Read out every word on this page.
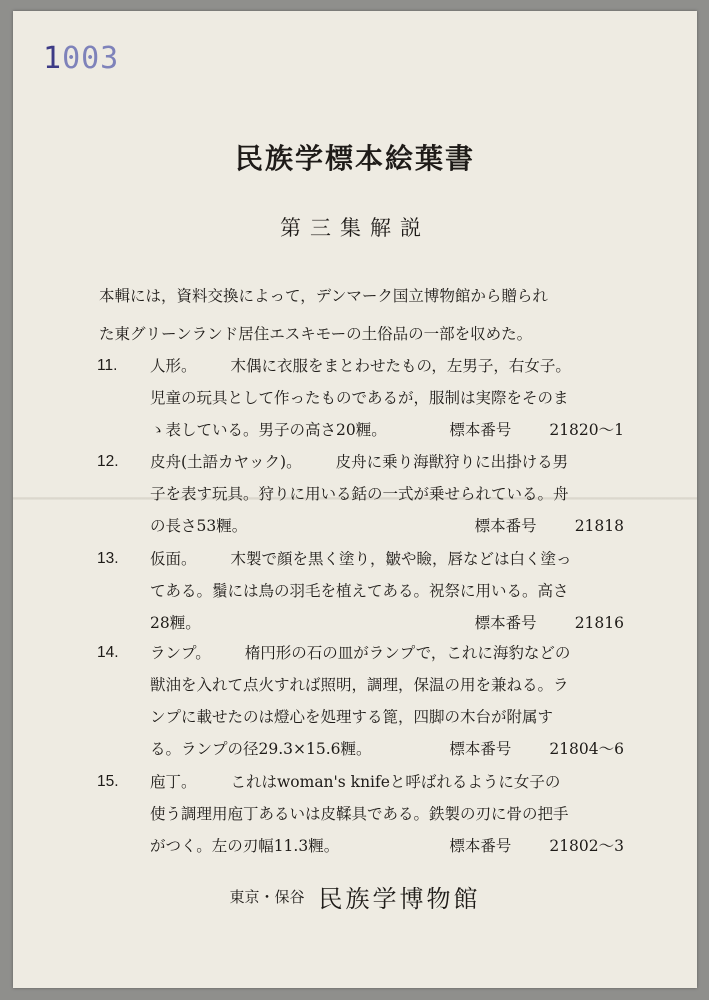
1003
民族学標本絵葉書
第三集解説
本輯には，資料交換によって，デンマーク国立博物館から贈られ
た東グリーンランド居住エスキモーの土俗品の一部を収めた。
11. 人形。 木偶に衣服をまとわせたもの，左男子，右女子。
児童の玩具として作ったものであるが，服制は実際をそのま
ゝ表している。男子の高さ20糎。	標本番号 21820〜1
12. 皮舟(土語カヤック)。 皮舟に乗り海獣狩りに出掛ける男
子を表す玩具。狩りに用いる銛の一式が乗せられている。舟
の長さ53糎。	標本番号 21818
13. 仮面。 木製で顔を黒く塗り，皺や瞼，唇などは白く塗っ
てある。鬚には鳥の羽毛を植えてある。祝祭に用いる。高さ
28糎。	標本番号 21816
14. ランプ。 楕円形の石の皿がランプで，これに海豹などの
獣油を入れて点火すれば照明，調理，保温の用を兼ねる。ラ
ンプに載せたのは燈心を処理する篦，四脚の木台が附属す
る。ランプの径29.3×15.6糎。	標本番号 21804〜6
15. 庖丁。 これはwoman's knifeと呼ばれるように女子の
使う調理用庖丁あるいは皮鞣具である。鉄製の刃に骨の把手
がつく。左の刃幅11.3糎。	標本番号 21802〜3
東京・保谷 民族学博物館
